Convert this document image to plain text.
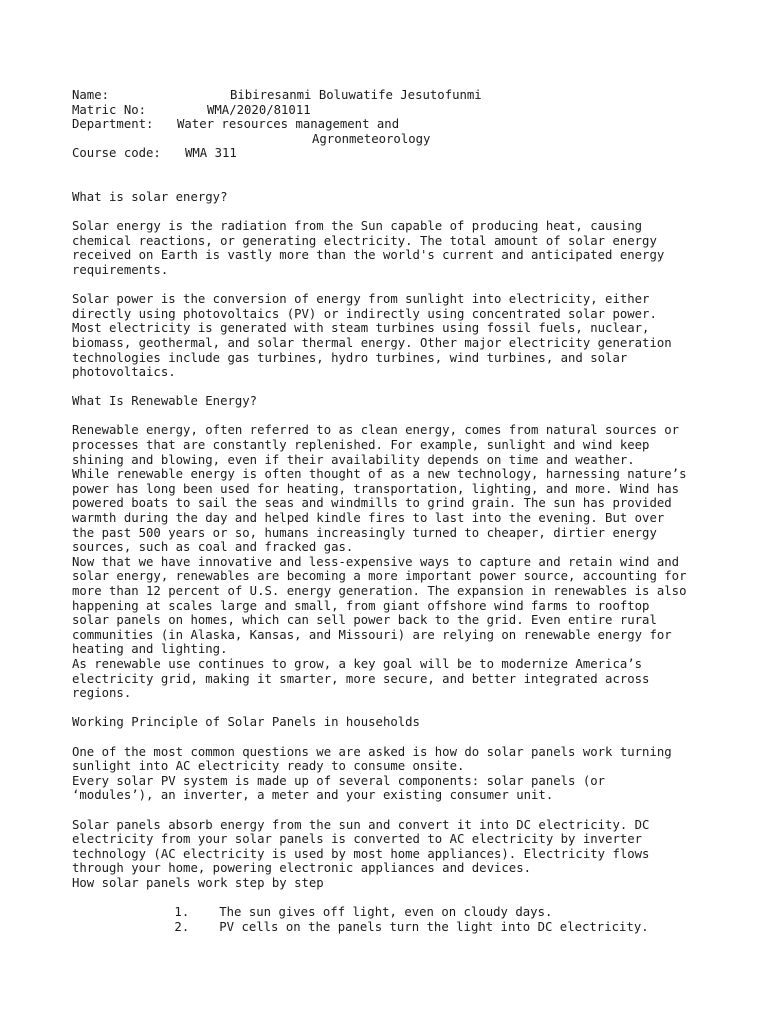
Name:	Bibiresanmi Boluwatife Jesutofunmi
Matric No:	WMA/2020/81011
Department:	Water resources management and
Agronmeteorology
Course code:	WMA 311
What is solar energy?
Solar energy is the radiation from the Sun capable of producing heat, causing
chemical reactions, or generating electricity. The total amount of solar energy
received on Earth is vastly more than the world's current and anticipated energy
requirements.
Solar power is the conversion of energy from sunlight into electricity, either
directly using photovoltaics (PV) or indirectly using concentrated solar power.
Most electricity is generated with steam turbines using fossil fuels, nuclear,
biomass, geothermal, and solar thermal energy. Other major electricity generation
technologies include gas turbines, hydro turbines, wind turbines, and solar
photovoltaics.
What Is Renewable Energy?
Renewable energy, often referred to as clean energy, comes from natural sources or
processes that are constantly replenished. For example, sunlight and wind keep
shining and blowing, even if their availability depends on time and weather.
While renewable energy is often thought of as a new technology, harnessing nature’s
power has long been used for heating, transportation, lighting, and more. Wind has
powered boats to sail the seas and windmills to grind grain. The sun has provided
warmth during the day and helped kindle fires to last into the evening. But over
the past 500 years or so, humans increasingly turned to cheaper, dirtier energy
sources, such as coal and fracked gas.
Now that we have innovative and less-expensive ways to capture and retain wind and
solar energy, renewables are becoming a more important power source, accounting for
more than 12 percent of U.S. energy generation. The expansion in renewables is also
happening at scales large and small, from giant offshore wind farms to rooftop
solar panels on homes, which can sell power back to the grid. Even entire rural
communities (in Alaska, Kansas, and Missouri) are relying on renewable energy for
heating and lighting.
As renewable use continues to grow, a key goal will be to modernize America’s
electricity grid, making it smarter, more secure, and better integrated across
regions.
Working Principle of Solar Panels in households
One of the most common questions we are asked is how do solar panels work turning
sunlight into AC electricity ready to consume onsite.
Every solar PV system is made up of several components: solar panels (or
‘modules’), an inverter, a meter and your existing consumer unit.
Solar panels absorb energy from the sun and convert it into DC electricity. DC
electricity from your solar panels is converted to AC electricity by inverter
technology (AC electricity is used by most home appliances). Electricity flows
through your home, powering electronic appliances and devices.
How solar panels work step by step

1. The sun gives off light, even on cloudy days.

2. PV cells on the panels turn the light into DC electricity.
